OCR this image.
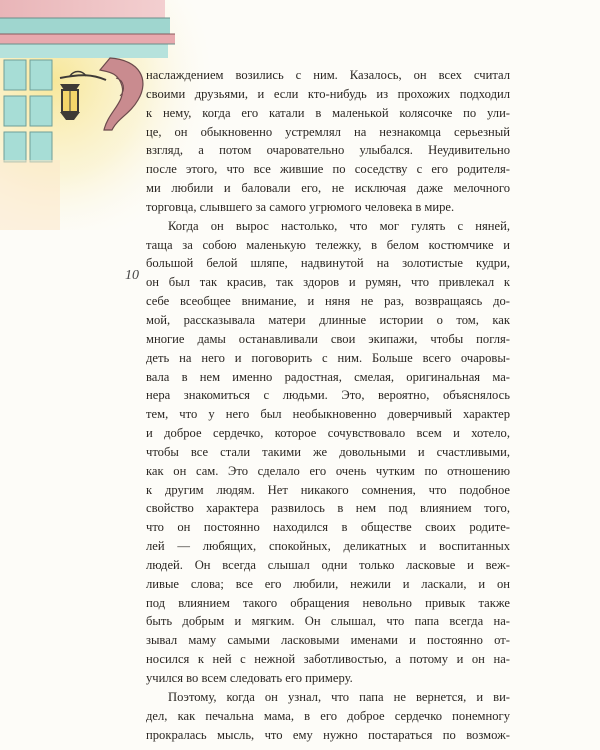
10
наслаждением возились с ним. Казалось, он всех считал
своими друзьями, и если кто-нибудь из прохожих подходил
к нему, когда его катали в маленькой колясочке по ули-
це, он обыкновенно устремлял на незнакомца серьезный
взгляд, а потом очаровательно улыбался. Неудивительно
после этого, что все жившие по соседству с его родителя-
ми любили и баловали его, не исключая даже мелочного
торговца, слывшего за самого угрюмого человека в мире.
Когда он вырос настолько, что мог гулять с няней,
таща за собою маленькую тележку, в белом костюмчике и
большой белой шляпе, надвинутой на золотистые кудри,
он был так красив, так здоров и румян, что привлекал к
себе всеобщее внимание, и няня не раз, возвращаясь до-
мой, рассказывала матери длинные истории о том, как
многие дамы останавливали свои экипажи, чтобы погля-
деть на него и поговорить с ним. Больше всего очаровы-
вала в нем именно радостная, смелая, оригинальная ма-
нера знакомиться с людьми. Это, вероятно, объяснялось
тем, что у него был необыкновенно доверчивый характер
и доброе сердечко, которое сочувствовало всем и хотело,
чтобы все стали такими же довольными и счастливыми,
как он сам. Это сделало его очень чутким по отношению
к другим людям. Нет никакого сомнения, что подобное
свойство характера развилось в нем под влиянием того,
что он постоянно находился в обществе своих родите-
лей — любящих, спокойных, деликатных и воспитанных
людей. Он всегда слышал одни только ласковые и веж-
ливые слова; все его любили, нежили и ласкали, и он
под влиянием такого обращения невольно привык также
быть добрым и мягким. Он слышал, что папа всегда на-
зывал маму самыми ласковыми именами и постоянно от-
носился к ней с нежной заботливостью, а потому и он на-
учился во всем следовать его примеру.
Поэтому, когда он узнал, что папа не вернется, и ви-
дел, как печальна мама, в его доброе сердечко понемногу
прокралась мысль, что ему нужно постараться по возмож-
